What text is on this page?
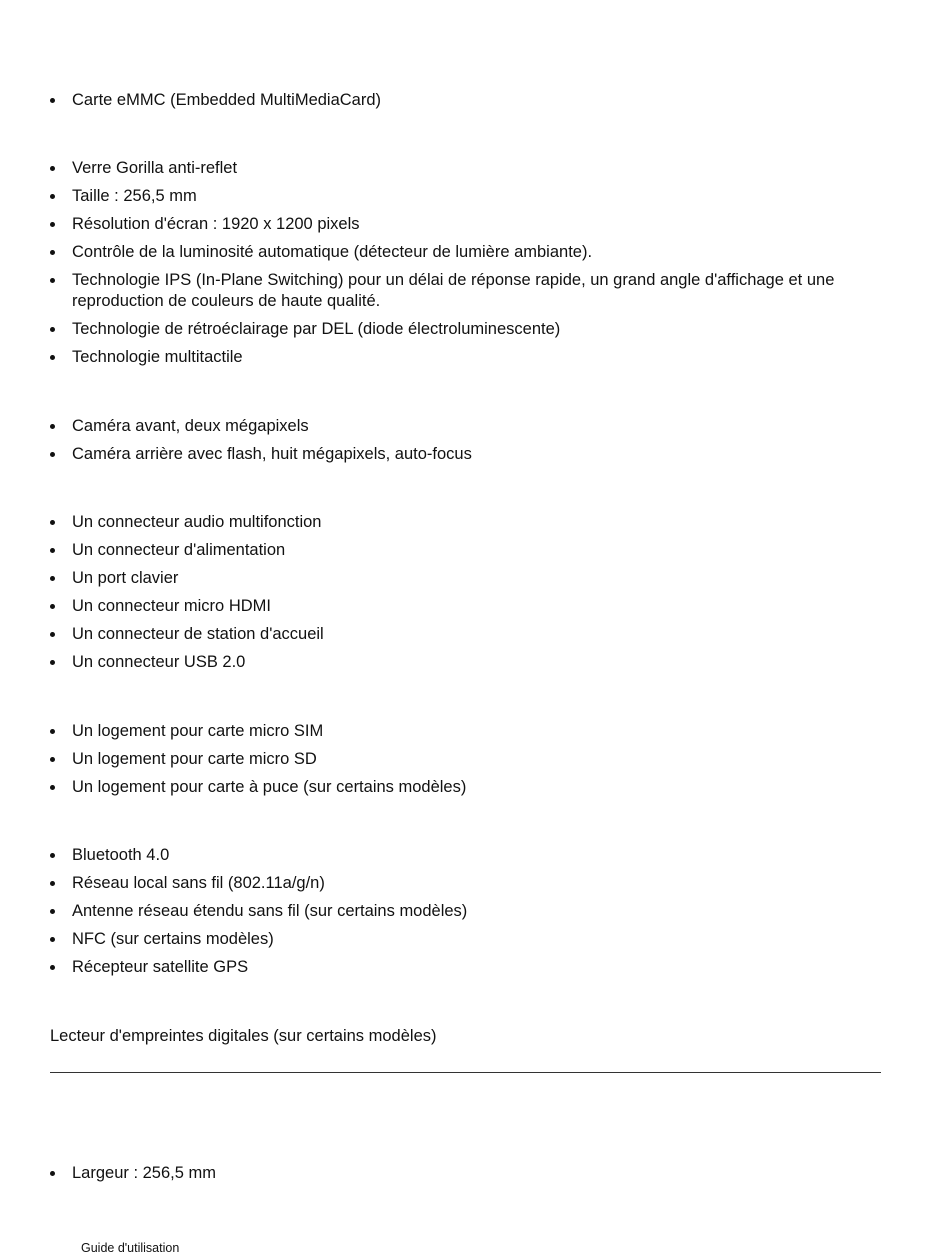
Carte eMMC (Embedded MultiMediaCard)
Verre Gorilla anti-reflet
Taille : 256,5 mm
Résolution d'écran : 1920 x 1200 pixels
Contrôle de la luminosité automatique (détecteur de lumière ambiante).
Technologie IPS (In-Plane Switching) pour un délai de réponse rapide, un grand angle d'affichage et une reproduction de couleurs de haute qualité.
Technologie de rétroéclairage par DEL (diode électroluminescente)
Technologie multitactile
Caméra avant, deux mégapixels
Caméra arrière avec flash, huit mégapixels, auto-focus
Un connecteur audio multifonction
Un connecteur d'alimentation
Un port clavier
Un connecteur micro HDMI
Un connecteur de station d'accueil
Un connecteur USB 2.0
Un logement pour carte micro SIM
Un logement pour carte micro SD
Un logement pour carte à puce (sur certains modèles)
Bluetooth 4.0
Réseau local sans fil (802.11a/g/n)
Antenne réseau étendu sans fil (sur certains modèles)
NFC (sur certains modèles)
Récepteur satellite GPS
Lecteur d'empreintes digitales (sur certains modèles)
Largeur : 256,5 mm
Guide d'utilisation
